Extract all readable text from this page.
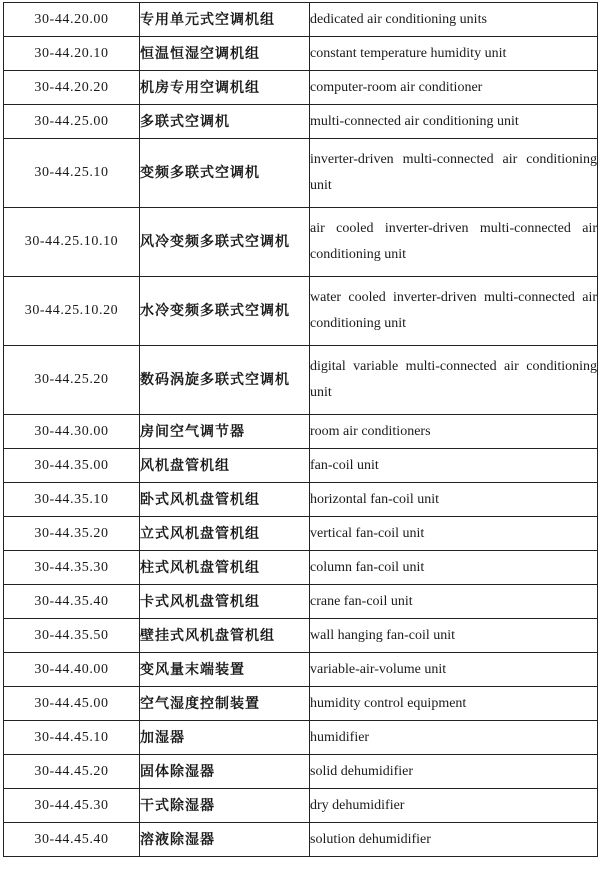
30-44.20.00	专用单元式空调机组	dedicated air conditioning units
30-44.20.10	恒温恒湿空调机组	constant temperature humidity unit
30-44.20.20	机房专用空调机组	computer-room air conditioner
30-44.25.00	多联式空调机	multi-connected air conditioning unit
30-44.25.10	变频多联式空调机	inverter-driven multi-connected air conditioning unit
30-44.25.10.10	风冷变频多联式空调机	air cooled inverter-driven multi-connected air conditioning unit
30-44.25.10.20	水冷变频多联式空调机	water cooled inverter-driven multi-connected air conditioning unit
30-44.25.20	数码涡旋多联式空调机	digital variable multi-connected air conditioning unit
30-44.30.00	房间空气调节器	room air conditioners
30-44.35.00	风机盘管机组	fan-coil unit
30-44.35.10	卧式风机盘管机组	horizontal fan-coil unit
30-44.35.20	立式风机盘管机组	vertical fan-coil unit
30-44.35.30	柱式风机盘管机组	column fan-coil unit
30-44.35.40	卡式风机盘管机组	crane fan-coil unit
30-44.35.50	壁挂式风机盘管机组	wall hanging fan-coil unit
30-44.40.00	变风量末端装置	variable-air-volume unit
30-44.45.00	空气湿度控制装置	humidity control equipment
30-44.45.10	加湿器	humidifier
30-44.45.20	固体除湿器	solid dehumidifier
30-44.45.30	干式除湿器	dry dehumidifier
30-44.45.40	溶液除湿器	solution dehumidifier
